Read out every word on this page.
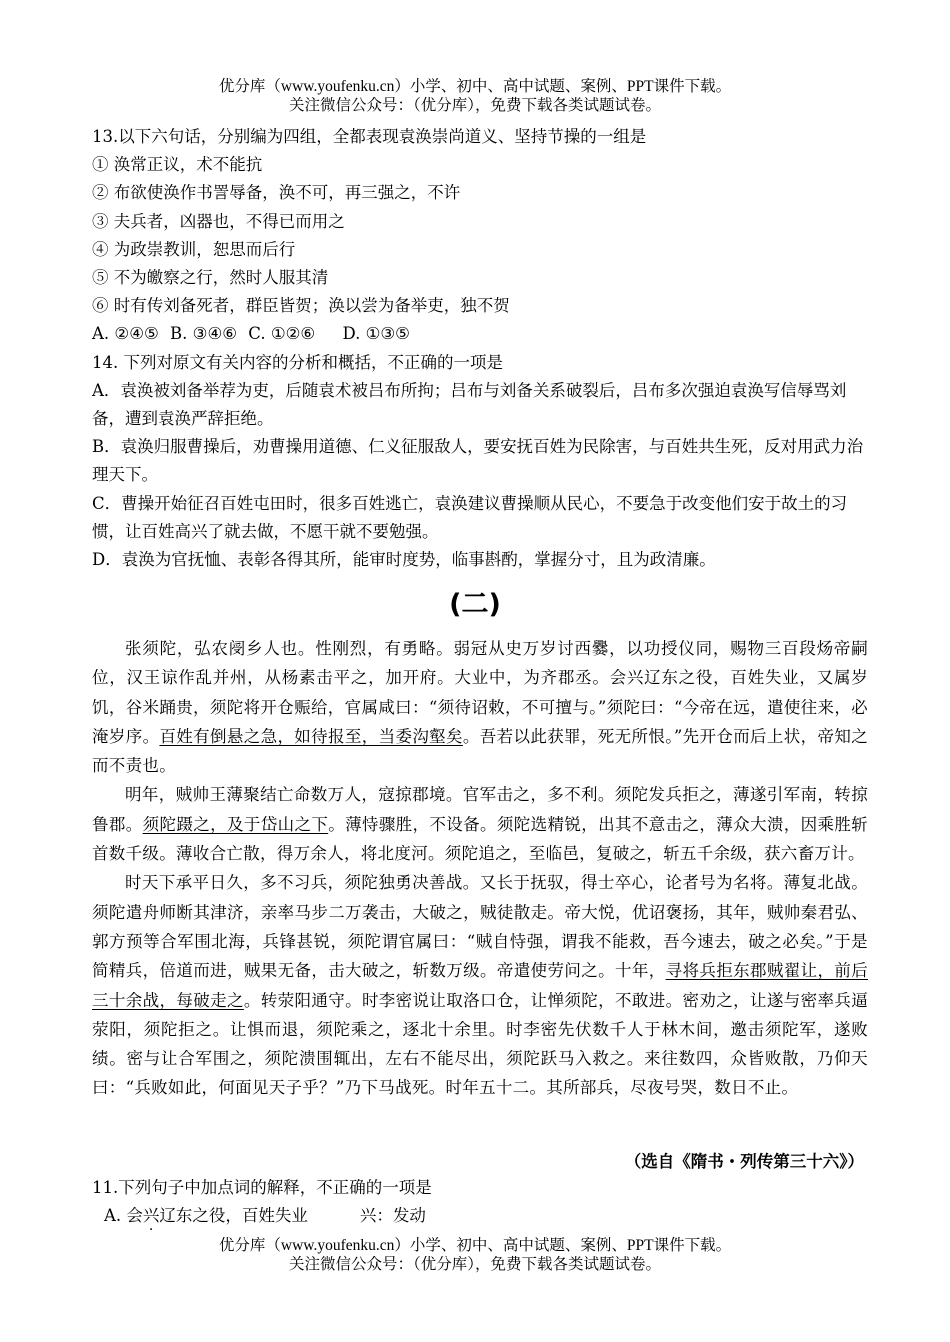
优分库（www.youfenku.cn）小学、初中、高中试题、案例、PPT课件下载。
关注微信公众号：（优分库），免费下载各类试题试卷。
13.以下六句话，分别编为四组，全都表现袁涣崇尚道义、坚持节操的一组是
① 涣常正议，术不能抗
② 布欲使涣作书詈辱备，涣不可，再三强之，不许
③ 夫兵者，凶器也，不得已而用之
④ 为政崇教训，恕思而后行
⑤ 不为皦察之行，然时人服其清
⑥ 时有传刘备死者，群臣皆贺；涣以尝为备举吏，独不贺
A. ②④⑤ B. ③④⑥ C. ①②⑥ D. ①③⑤
14. 下列对原文有关内容的分析和概括，不正确的一项是
A．袁涣被刘备举荐为吏，后随袁术被吕布所拘；吕布与刘备关系破裂后，吕布多次强迫袁涣写信辱骂刘备，遭到袁涣严辞拒绝。
B．袁涣归服曹操后，劝曹操用道德、仁义征服敌人，要安抚百姓为民除害，与百姓共生死，反对用武力治理天下。
C．曹操开始征召百姓屯田时，很多百姓逃亡，袁涣建议曹操顺从民心，不要急于改变他们安于故土的习惯，让百姓高兴了就去做，不愿干就不要勉强。
D．袁涣为官抚恤、表彰各得其所，能审时度势，临事斟酌，掌握分寸，且为政清廉。
(二)

张须陀，弘农阌乡人也。性刚烈，有勇略。弱冠从史万岁讨西爨，以功授仪同，赐物三百段炀帝嗣位，汉王谅作乱并州，从杨素击平之，加开府。大业中，为齐郡丞。会兴辽东之役，百姓失业，又属岁饥，谷米踊贵，须陀将开仓赈给，官属咸曰：“须待诏敕，不可擅与。”须陀曰：“今帝在远，遣使往来，必淹岁序。百姓有倒悬之急，如待报至，当委沟壑矣。吾若以此获罪，死无所恨。”先开仓而后上状，帝知之而不责也。

明年，贼帅王薄聚结亡命数万人，寇掠郡境。官军击之，多不利。须陀发兵拒之，薄遂引军南，转掠鲁郡。须陀蹑之，及于岱山之下。薄恃骤胜，不设备。须陀选精锐，出其不意击之，薄众大溃，因乘胜斩首数千级。薄收合亡散，得万余人，将北度河。须陀追之，至临邑，复破之，斩五千余级，获六畜万计。

时天下承平日久，多不习兵，须陀独勇决善战。又长于抚驭，得士卒心，论者号为名将。薄复北战。须陀遣舟师断其津济，亲率马步二万袭击，大破之，贼徒散走。帝大悦，优诏褒扬，其年，贼帅秦君弘、郭方预等合军围北海，兵锋甚锐，须陀谓官属曰：“贼自恃强，谓我不能救，吾今速去，破之必矣。”于是简精兵，倍道而进，贼果无备，击大破之，斩数万级。帝遣使劳问之。十年，寻将兵拒东郡贼翟让，前后三十余战，每破走之。转荥阳通守。时李密说让取洛口仓，让惮须陀，不敢进。密劝之，让遂与密率兵逼荥阳，须陀拒之。让惧而退，须陀乘之，逐北十余里。时李密先伏数千人于林木间，邀击须陀军，遂败绩。密与让合军围之，须陀溃围辄出，左右不能尽出，须陀跃马入救之。来往数四，众皆败散，乃仰天曰：“兵败如此，何面见天子乎？”乃下马战死。时年五十二。其所部兵，尽夜号哭，数日不止。

（选自《隋书・列传第三十六》）
11.下列句子中加点词的解释，不正确的一项是
A. 会兴辽东之役，百姓失业	兴：发动
优分库（www.youfenku.cn）小学、初中、高中试题、案例、PPT课件下载。
关注微信公众号：（优分库），免费下载各类试题试卷。
